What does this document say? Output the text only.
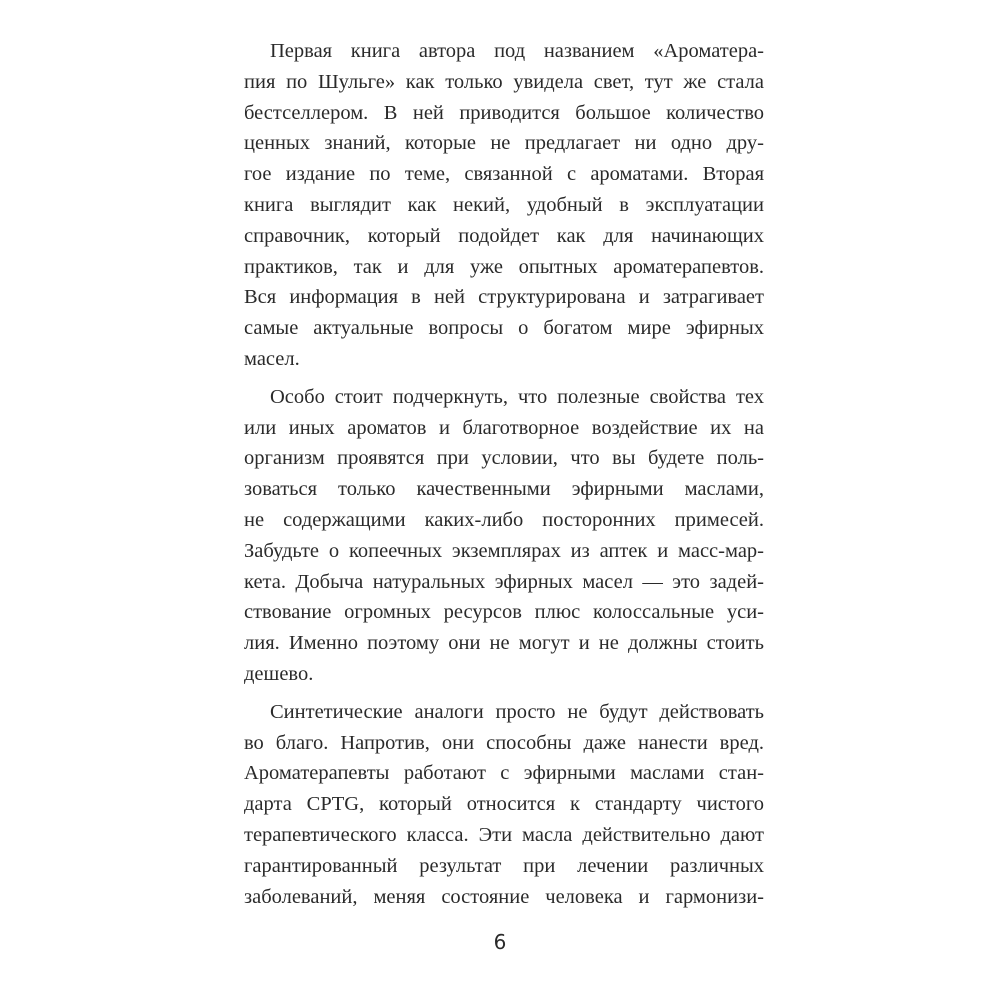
Первая книга автора под названием «Ароматера-
пия по Шульге» как только увидела свет, тут же стала
бестселлером. В ней приводится большое количество
ценных знаний, которые не предлагает ни одно дру-
гое издание по теме, связанной с ароматами. Вторая
книга выглядит как некий, удобный в эксплуатации
справочник, который подойдет как для начинающих
практиков, так и для уже опытных ароматерапевтов.
Вся информация в ней структурирована и затрагивает
самые актуальные вопросы о богатом мире эфирных
масел.
Особо стоит подчеркнуть, что полезные свойства тех
или иных ароматов и благотворное воздействие их на
организм проявятся при условии, что вы будете поль-
зоваться только качественными эфирными маслами,
не содержащими каких-либо посторонних примесей.
Забудьте о копеечных экземплярах из аптек и масс-мар-
кета. Добыча натуральных эфирных масел — это задей-
ствование огромных ресурсов плюс колоссальные уси-
лия. Именно поэтому они не могут и не должны стоить
дешево.
Синтетические аналоги просто не будут действовать
во благо. Напротив, они способны даже нанести вред.
Ароматерапевты работают с эфирными маслами стан-
дарта CPTG, который относится к стандарту чистого
терапевтического класса. Эти масла действительно дают
гарантированный результат при лечении различных
заболеваний, меняя состояние человека и гармонизи-
6
